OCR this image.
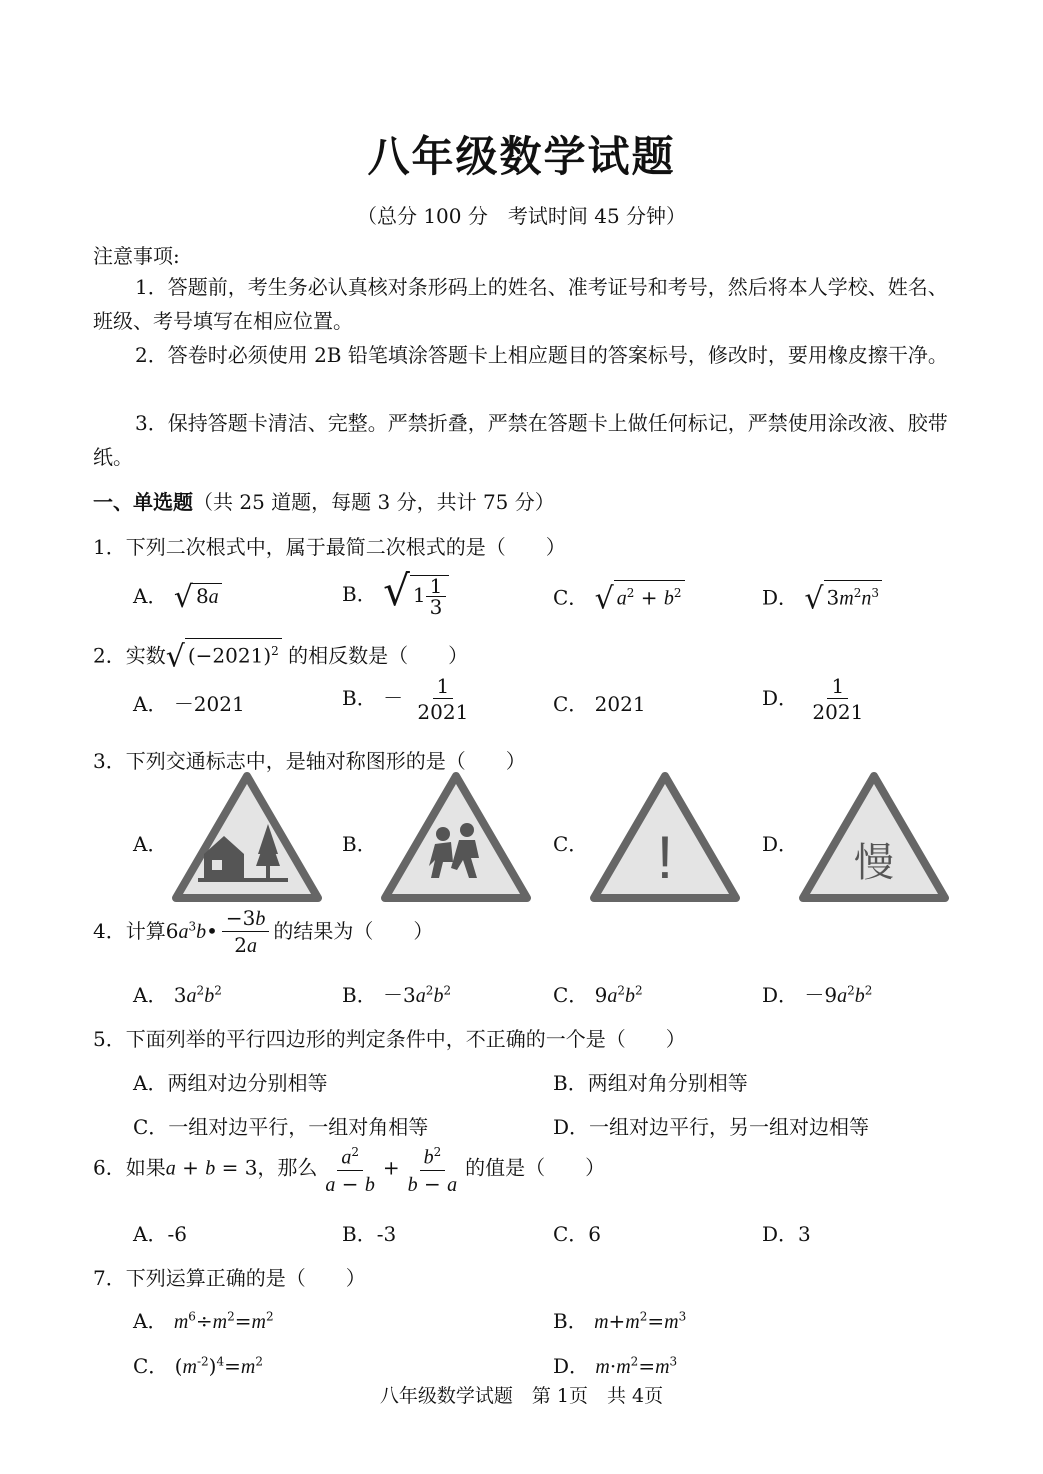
八年级数学试题
（总分 100 分　考试时间 45 分钟）
注意事项:
1．答题前，考生务必认真核对条形码上的姓名、准考证号和考号，然后将本人学校、姓名、班级、考号填写在相应位置。
2．答卷时必须使用 2B 铅笔填涂答题卡上相应题目的答案标号，修改时，要用橡皮擦干净。
3．保持答题卡清洁、完整。严禁折叠，严禁在答题卡上做任何标记，严禁使用涂改液、胶带纸。
一、单选题（共 25 道题，每题 3 分，共计 75 分）
1．下列二次根式中，属于最简二次根式的是（　　）
A． √ 8a	B． √ $1 \frac{1}{3}$	C． √ $a^2 + b^2$	D． √ $3m^2n^3$
2．实数√ $(-2021)^2$ 的相反数是（　　）
A． －2021	B． － $\frac{1}{2021}$	C． 2021	D． $\frac{1}{2021}$
3．下列交通标志中，是轴对称图形的是（　　）
A．	B．	C．	D．
!	慢
4．计算$6a^3b• \frac{-3b}{2a}$ 的结果为（　　）
A． $3a^2b^2$	B． $-3a^2b^2$	C． $9a^2b^2$	D． $-9a^2b^2$
5．下面列举的平行四边形的判定条件中，不正确的一个是（　　）
A．两组对边分别相等	B．两组对角分别相等
C．一组对边平行，一组对角相等	D．一组对边平行，另一组对边相等
6．如果a + b = 3，那么 $\frac{a^2}{a - b} + \frac{b^2}{b - a}$ 的值是（　　）
A．-6	B．-3	C．6	D．3
7．下列运算正确的是（　　）
A． $m^6\div m^2=m^2$	B． $m+m^2=m^3$
C． $(m^{-2})^4=m^2$	D． $m\cdot m^2=m^3$
八年级数学试题　第 1页　共 4页
